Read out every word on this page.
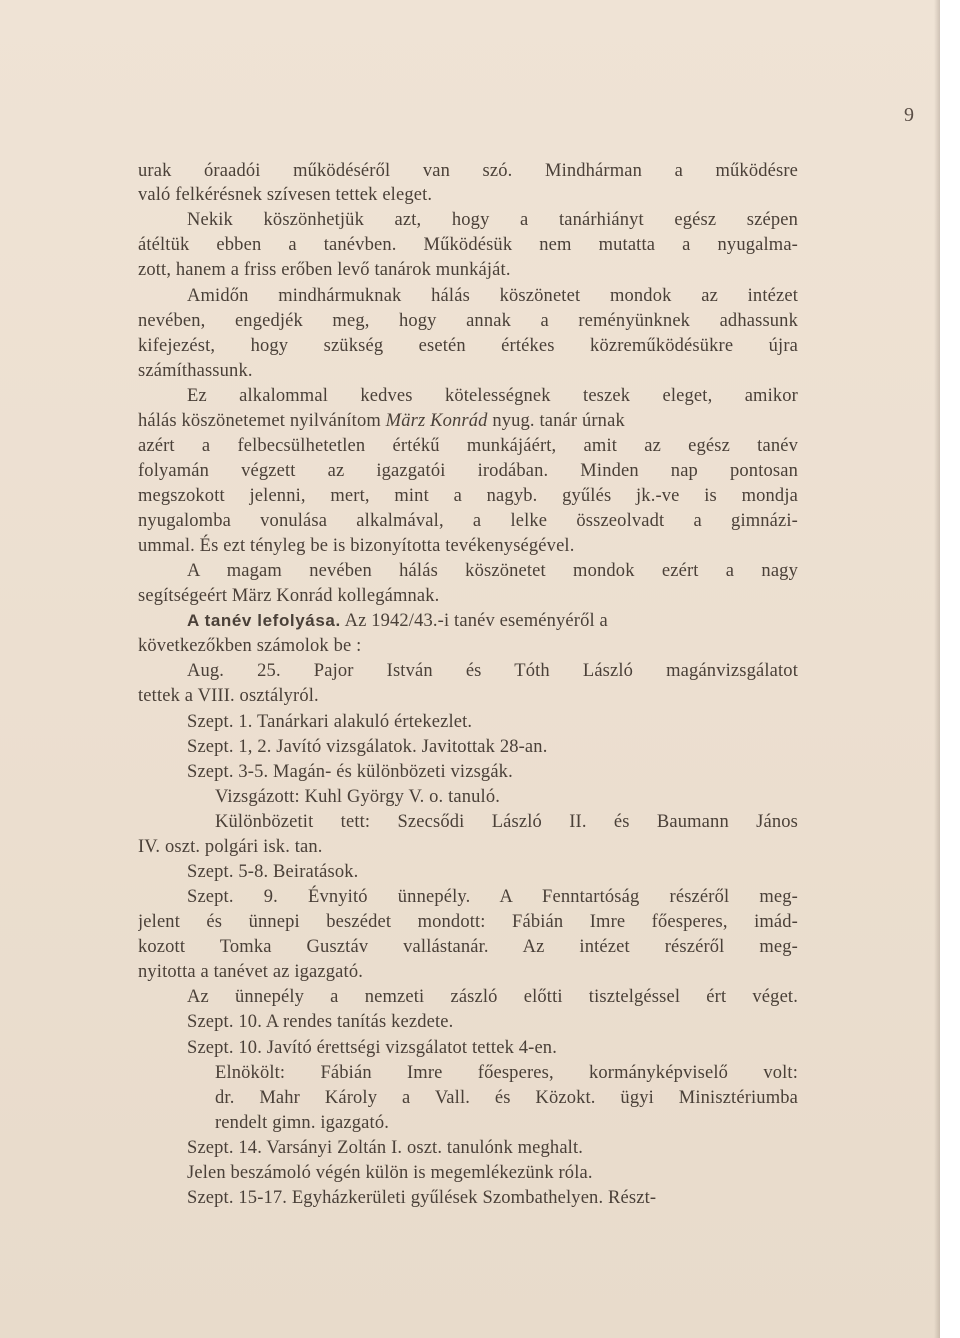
9
urak óraadói működéséről van szó. Mindhárman a működésre
való felkérésnek szívesen tettek eleget.
Nekik köszönhetjük azt, hogy a tanárhiányt egész szépen
átéltük ebben a tanévben. Működésük nem mutatta a nyugalma-
zott, hanem a friss erőben levő tanárok munkáját.
Amidőn mindhármuknak hálás köszönetet mondok az intézet
nevében, engedjék meg, hogy annak a reményünknek adhassunk
kifejezést, hogy szükség esetén értékes közreműködésükre újra
számíthassunk.
Ez alkalommal kedves kötelességnek teszek eleget, amikor
hálás köszönetemet nyilvánítom März Konrád nyug. tanár úrnak
azért a felbecsülhetetlen értékű munkájáért, amit az egész tanév
folyamán végzett az igazgatói irodában. Minden nap pontosan
megszokott jelenni, mert, mint a nagyb. gyűlés jk.-ve is mondja
nyugalomba vonulása alkalmával, a lelke összeolvadt a gimnázi-
ummal. És ezt tényleg be is bizonyította tevékenységével.
A magam nevében hálás köszönetet mondok ezért a nagy
segítségeért März Konrád kollegámnak.
A tanév lefolyása. Az 1942/43.-i tanév eseményéről a
következőkben számolok be :
Aug. 25. Pajor István és Tóth László magánvizsgálatot
tettek a VIII. osztályról.
Szept. 1. Tanárkari alakuló értekezlet.
Szept. 1, 2. Javító vizsgálatok. Javitottak 28-an.
Szept. 3-5. Magán- és különbözeti vizsgák.
Vizsgázott: Kuhl György V. o. tanuló.
Különbözetit tett: Szecsődi László II. és Baumann János
IV. oszt. polgári isk. tan.
Szept. 5-8. Beiratások.
Szept. 9. Évnyitó ünnepély. A Fenntartóság részéről meg-
jelent és ünnepi beszédet mondott: Fábián Imre főesperes, imád-
kozott Tomka Gusztáv vallástanár. Az intézet részéről meg-
nyitotta a tanévet az igazgató.
Az ünnepély a nemzeti zászló előtti tisztelgéssel ért véget.
Szept. 10. A rendes tanítás kezdete.
Szept. 10. Javító érettségi vizsgálatot tettek 4-en.
Elnökölt: Fábián Imre főesperes, kormányképviselő volt:
dr. Mahr Károly a Vall. és Közokt. ügyi Minisztériumba
rendelt gimn. igazgató.
Szept. 14. Varsányi Zoltán I. oszt. tanulónk meghalt.
Jelen beszámoló végén külön is megemlékezünk róla.
Szept. 15-17. Egyházkerületi gyűlések Szombathelyen. Részt-
